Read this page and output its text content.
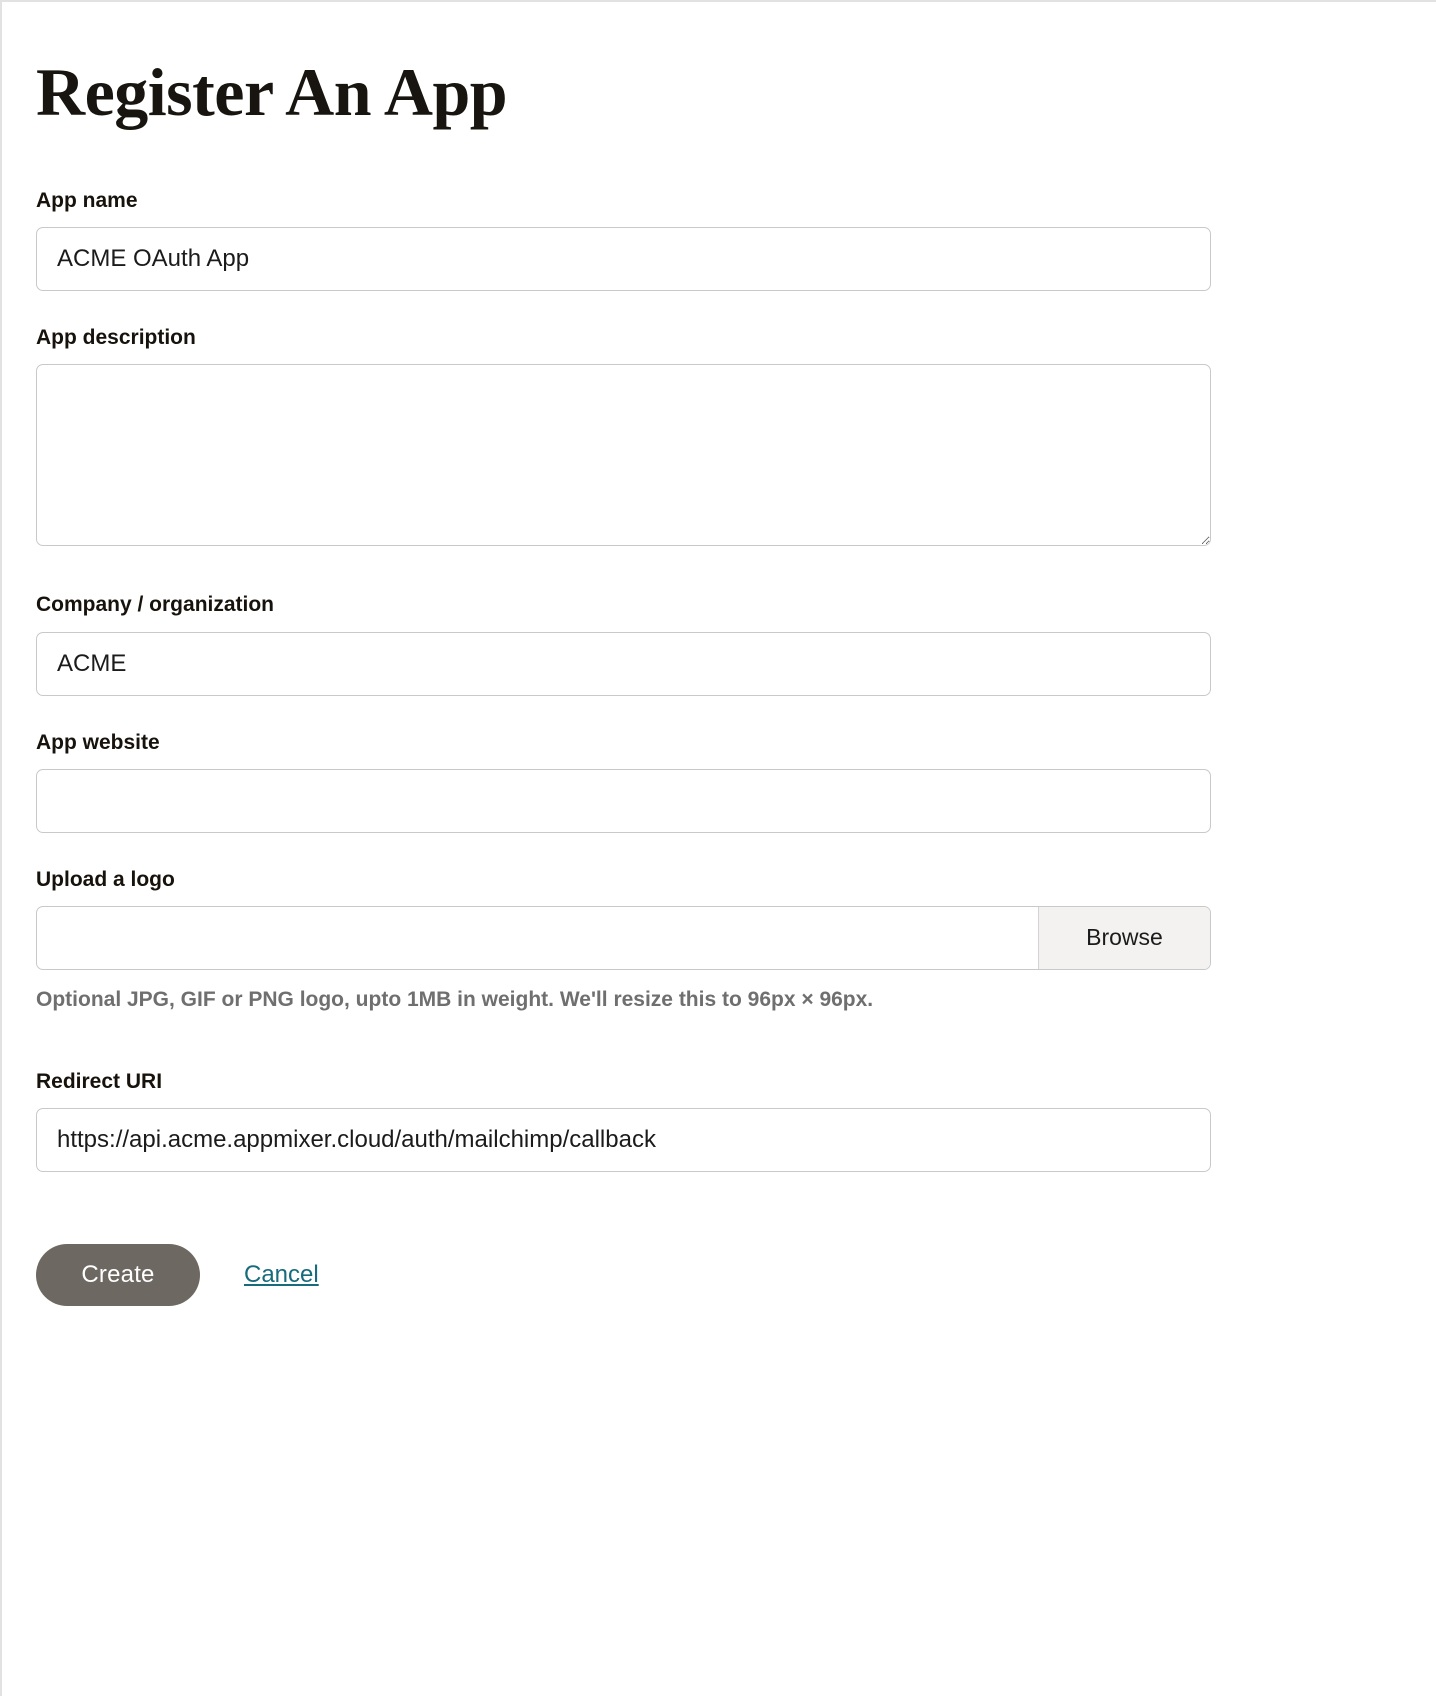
Register An App
App name
ACME OAuth App
App description
Company / organization
ACME
App website
Upload a logo
Browse
Optional JPG, GIF or PNG logo, upto 1MB in weight. We'll resize this to 96px × 96px.
Redirect URI
https://api.acme.appmixer.cloud/auth/mailchimp/callback
Create	Cancel
